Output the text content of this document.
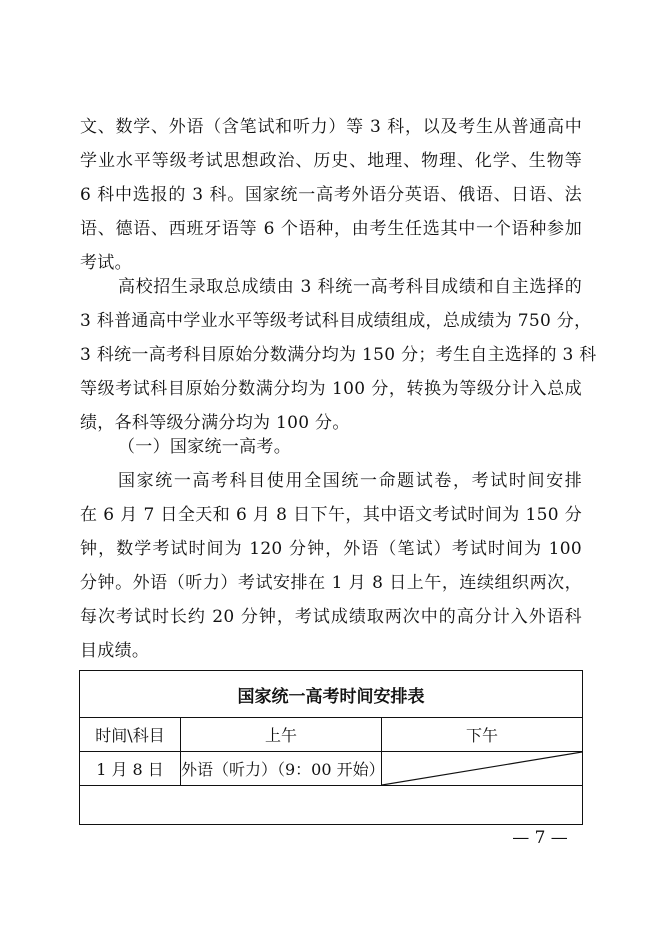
文、数学、外语（含笔试和听力）等 3 科，以及考生从普通高中
学业水平等级考试思想政治、历史、地理、物理、化学、生物等
6 科中选报的 3 科。国家统一高考外语分英语、俄语、日语、法
语、德语、西班牙语等 6 个语种，由考生任选其中一个语种参加
考试。
高校招生录取总成绩由 3 科统一高考科目成绩和自主选择的
3 科普通高中学业水平等级考试科目成绩组成，总成绩为 750 分，
3 科统一高考科目原始分数满分均为 150 分；考生自主选择的 3 科
等级考试科目原始分数满分均为 100 分，转换为等级分计入总成
绩，各科等级分满分均为 100 分。
（一）国家统一高考。
国家统一高考科目使用全国统一命题试卷，考试时间安排
在 6 月 7 日全天和 6 月 8 日下午，其中语文考试时间为 150 分
钟，数学考试时间为 120 分钟，外语（笔试）考试时间为 100
分钟。外语（听力）考试安排在 1 月 8 日上午，连续组织两次，
每次考试时长约 20 分钟，考试成绩取两次中的高分计入外语科
目成绩。
国家统一高考时间安排表		
时间\科目	上午	下午
1 月 8 日	外语（听力）（9：00 开始）	

— 7 —
